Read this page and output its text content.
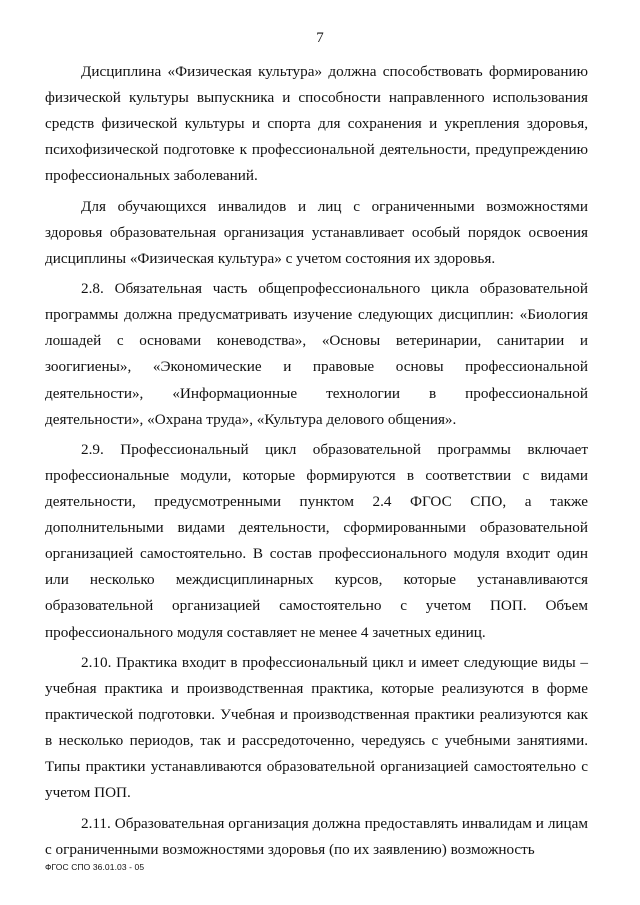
7

Дисциплина «Физическая культура» должна способствовать формированию физической культуры выпускника и способности направленного использования средств физической культуры и спорта для сохранения и укрепления здоровья, психофизической подготовке к профессиональной деятельности, предупреждению профессиональных заболеваний.

Для обучающихся инвалидов и лиц с ограниченными возможностями здоровья образовательная организация устанавливает особый порядок освоения дисциплины «Физическая культура» с учетом состояния их здоровья.

2.8. Обязательная часть общепрофессионального цикла образовательной программы должна предусматривать изучение следующих дисциплин: «Биология лошадей с основами коневодства», «Основы ветеринарии, санитарии и зоогигиены», «Экономические и правовые основы профессиональной деятельности», «Информационные технологии в профессиональной деятельности», «Охрана труда», «Культура делового общения».

2.9. Профессиональный цикл образовательной программы включает профессиональные модули, которые формируются в соответствии с видами деятельности, предусмотренными пунктом 2.4 ФГОС СПО, а также дополнительными видами деятельности, сформированными образовательной организацией самостоятельно. В состав профессионального модуля входит один или несколько междисциплинарных курсов, которые устанавливаются образовательной организацией самостоятельно с учетом ПОП. Объем профессионального модуля составляет не менее 4 зачетных единиц.

2.10. Практика входит в профессиональный цикл и имеет следующие виды – учебная практика и производственная практика, которые реализуются в форме практической подготовки. Учебная и производственная практики реализуются как в несколько периодов, так и рассредоточенно, чередуясь с учебными занятиями. Типы практики устанавливаются образовательной организацией самостоятельно с учетом ПОП.

2.11. Образовательная организация должна предоставлять инвалидам и лицам с ограниченными возможностями здоровья (по их заявлению) возможность

ФГОС СПО 36.01.03 - 05
